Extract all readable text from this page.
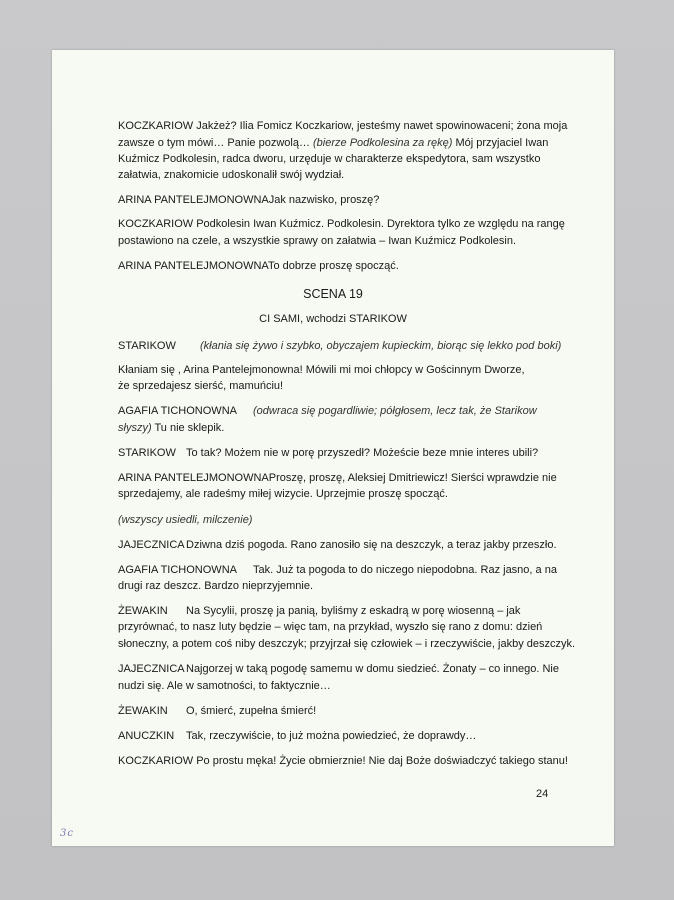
KOCZKARIOW Jakżeż? Ilia Fomicz Koczkariow, jesteśmy nawet spowinowaceni; żona moja
zawsze o tym mówi… Panie pozwolą… (bierze Podkolesina za rękę) Mój przyjaciel Iwan
Kuźmicz Podkolesin, radca dworu, urzęduje w charakterze ekspedytora, sam wszystko
załatwia, znakomicie udoskonalił swój wydział.
ARINA PANTELEJMONOWNAJak nazwisko, proszę?
KOCZKARIOW Podkolesin Iwan Kuźmicz. Podkolesin. Dyrektora tylko ze względu na rangę
postawiono na czele, a wszystkie sprawy on załatwia – Iwan Kuźmicz Podkolesin.
ARINA PANTELEJMONOWNATo dobrze proszę spocząć.
SCENA 19
CI SAMI, wchodzi STARIKOW
STARIKOW (kłania się żywo i szybko, obyczajem kupieckim, biorąc się lekko pod boki)
Kłaniam się , Arina Pantelejmonowna! Mówili mi moi chłopcy w Gościnnym Dworze,
że sprzedajesz sierść, mamuńciu!
AGAFIA TICHONOWNA (odwraca się pogardliwie; półgłosem, lecz tak, że Starikow
słyszy) Tu nie sklepik.
STARIKOW To tak? Możem nie w porę przyszedł? Możeście beze mnie interes ubili?
ARINA PANTELEJMONOWNAProszę, proszę, Aleksiej Dmitriewicz! Sierści wprawdzie nie
sprzedajemy, ale radeśmy miłej wizycie. Uprzejmie proszę spocząć.
(wszyscy usiedli, milczenie)
JAJECZNICADziwna dziś pogoda. Rano zanosiło się na deszczyk, a teraz jakby przeszło.
AGAFIA TICHONOWNA Tak. Już ta pogoda to do niczego niepodobna. Raz jasno, a na
drugi raz deszcz. Bardzo nieprzyjemnie.
ŻEWAKIN Na Sycylii, proszę ja panią, byliśmy z eskadrą w porę wiosenną – jak
przyrównać, to nasz luty będzie – więc tam, na przykład, wyszło się rano z domu: dzień
słoneczny, a potem coś niby deszczyk; przyjrzał się człowiek – i rzeczywiście, jakby deszczyk.
JAJECZNICANajgorzej w taką pogodę samemu w domu siedzieć. Żonaty – co innego. Nie
nudzi się. Ale w samotności, to faktycznie…
ŻEWAKIN O, śmierć, zupełna śmierć!
ANUCZKIN Tak, rzeczywiście, to już można powiedzieć, że doprawdy…
KOCZKARIOW Po prostu męka! Życie obmierznie! Nie daj Boże doświadczyć takiego stanu!
24
3c
